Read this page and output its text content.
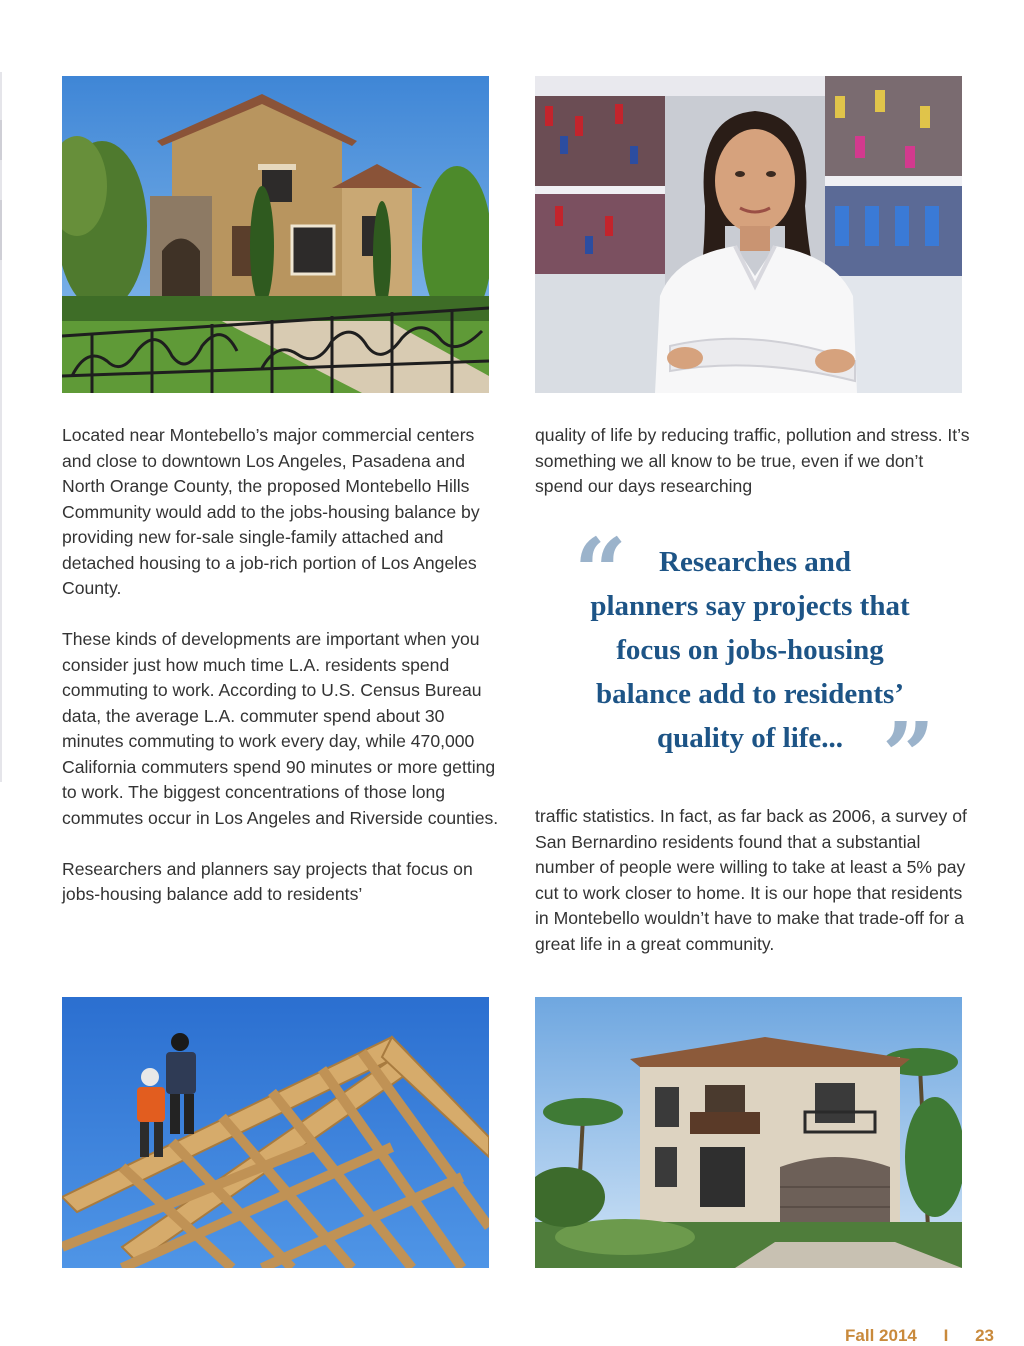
Located near Montebello’s major commercial centers and close to downtown Los Angeles, Pasadena and North Orange County, the proposed Montebello Hills Community would add to the jobs-housing balance by providing new for-sale single-family attached and detached housing to a job-rich portion of Los Angeles County.

These kinds of developments are important when you consider just how much time L.A. residents spend commuting to work. According to U.S. Census Bureau data, the average L.A. commuter spend about 30 minutes commuting to work every day, while 470,000 California commuters spend 90 minutes or more getting to work. The biggest concentrations of those long commutes occur in Los Angeles and Riverside counties.

Researchers and planners say projects that focus on jobs-housing balance add to residents’

quality of life by reducing traffic, pollution and stress. It’s something we all know to be true, even if we don’t spend our days researching

“	Researches and
planners say projects that
focus on jobs-housing
balance add to residents’
quality of life... ”

traffic statistics. In fact, as far back as 2006, a survey of San Bernardino residents found that a substantial number of people were willing to take at least a 5% pay cut to work closer to home. It is our hope that residents in Montebello wouldn’t have to make that trade-off for a great life in a great community.

Fall 2014 I 23
